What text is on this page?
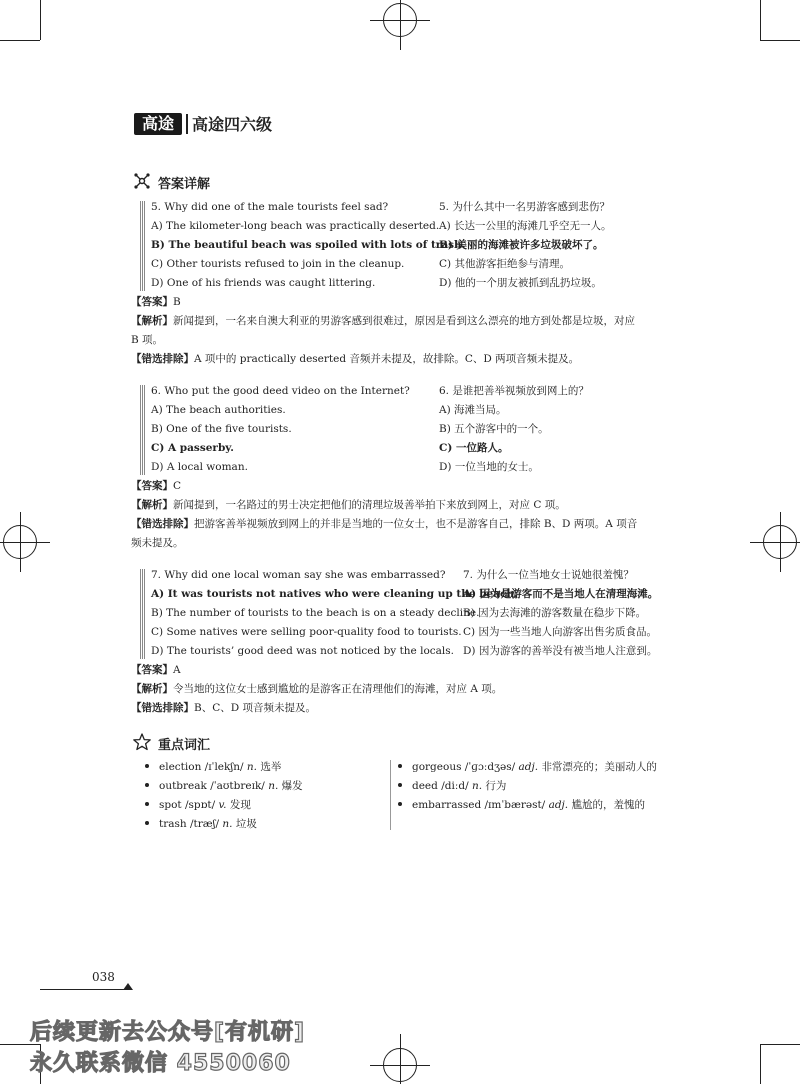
高途	高途四六级
答案详解
5. Why did one of the male tourists feel sad?
A) The kilometer-long beach was practically deserted.
B) The beautiful beach was spoiled with lots of trash.
C) Other tourists refused to join in the cleanup.
D) One of his friends was caught littering.
5. 为什么其中一名男游客感到悲伤？
A) 长达一公里的海滩几乎空无一人。
B) 美丽的海滩被许多垃圾破坏了。
C) 其他游客拒绝参与清理。
D) 他的一个朋友被抓到乱扔垃圾。
【答案】B
【解析】新闻提到，一名来自澳大利亚的男游客感到很难过，原因是看到这么漂亮的地方到处都是垃圾，对应
B 项。
【错选排除】A 项中的 practically deserted 音频并未提及，故排除。C、D 两项音频未提及。
6. Who put the good deed video on the Internet?
A) The beach authorities.
B) One of the five tourists.
C) A passerby.
D) A local woman.
6. 是谁把善举视频放到网上的？
A) 海滩当局。
B) 五个游客中的一个。
C) 一位路人。
D) 一位当地的女士。
【答案】C
【解析】新闻提到，一名路过的男士决定把他们的清理垃圾善举拍下来放到网上，对应 C 项。
【错选排除】把游客善举视频放到网上的并非是当地的一位女士，也不是游客自己，排除 B、D 两项。A 项音
频未提及。
7. Why did one local woman say she was embarrassed?
A) It was tourists not natives who were cleaning up the beach.
B) The number of tourists to the beach is on a steady decline.
C) Some natives were selling poor-quality food to tourists.
D) The tourists’ good deed was not noticed by the locals.
7. 为什么一位当地女士说她很羞愧？
A) 因为是游客而不是当地人在清理海滩。
B) 因为去海滩的游客数量在稳步下降。
C) 因为一些当地人向游客出售劣质食品。
D) 因为游客的善举没有被当地人注意到。
【答案】A
【解析】令当地的这位女士感到尴尬的是游客正在清理他们的海滩，对应 A 项。
【错选排除】B、C、D 项音频未提及。
重点词汇
election /ɪˈlekʃn/ n. 选举
outbreak /ˈaʊtbreɪk/ n. 爆发
spot /spɒt/ v. 发现
trash /træʃ/ n. 垃圾
gorgeous /ˈɡɔːdʒəs/ adj. 非常漂亮的；美丽动人的
deed /diːd/ n. 行为
embarrassed /ɪmˈbærəst/ adj. 尴尬的，羞愧的
038
后续更新去公众号[有机研]
永久联系微信 4550060
